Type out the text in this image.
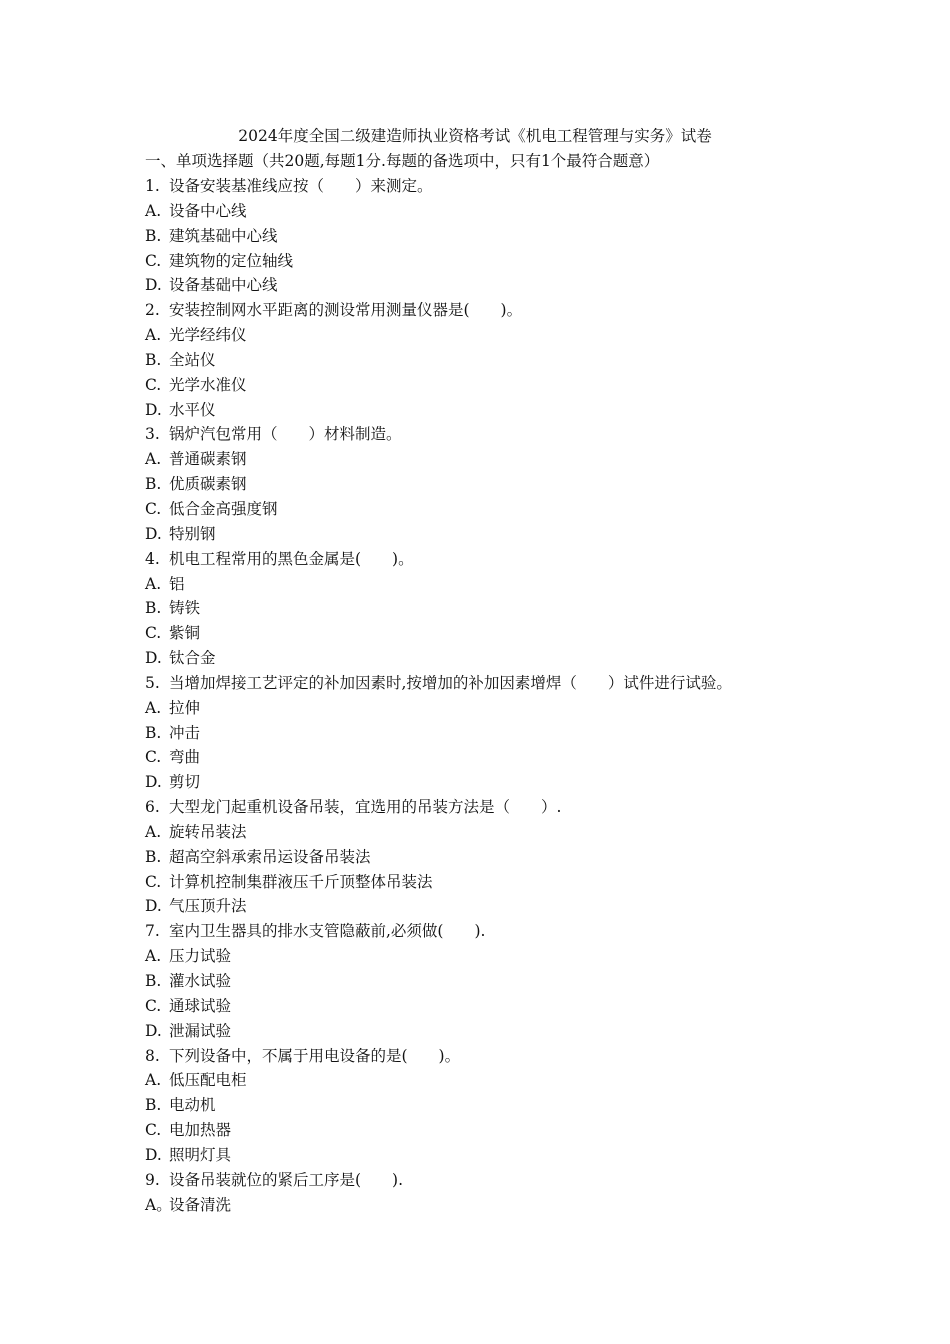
2024年度全国二级建造师执业资格考试《机电工程管理与实务》试卷
一、单项选择题（共20题,每题1分.每题的备选项中，只有1个最符合题意）
1. 设备安装基准线应按（　　）来测定。
A. 设备中心线
B. 建筑基础中心线
C. 建筑物的定位轴线
D. 设备基础中心线
2. 安装控制网水平距离的测设常用测量仪器是(　　)。
A. 光学经纬仪
B. 全站仪
C. 光学水准仪
D. 水平仪
3. 锅炉汽包常用（　　）材料制造。
A. 普通碳素钢
B. 优质碳素钢
C. 低合金高强度钢
D. 特别钢
4. 机电工程常用的黑色金属是(　　)。
A. 铝
B. 铸铁
C. 紫铜
D. 钛合金
5. 当增加焊接工艺评定的补加因素时,按增加的补加因素增焊（　　）试件进行试验。
A. 拉伸
B. 冲击
C. 弯曲
D. 剪切
6. 大型龙门起重机设备吊装，宜选用的吊装方法是（　　）.
A. 旋转吊装法
B. 超高空斜承索吊运设备吊装法
C. 计算机控制集群液压千斤顶整体吊装法
D. 气压顶升法
7. 室内卫生器具的排水支管隐蔽前,必须做(　　).
A. 压力试验
B. 灌水试验
C. 通球试验
D. 泄漏试验
8. 下列设备中，不属于用电设备的是(　　)。
A. 低压配电柜
B. 电动机
C. 电加热器
D. 照明灯具
9. 设备吊装就位的紧后工序是(　　).
A。
设备清洗
